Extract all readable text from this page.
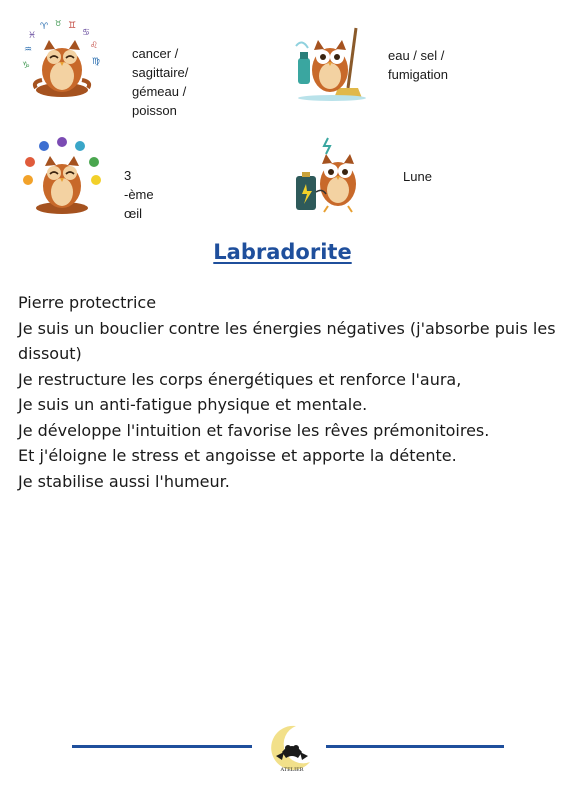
♓
♈ ♉ ♊
♋
♌
♍
♒
♑
cancer / sagittaire/
gémeau / poisson
eau / sel / fumigation
3 -ème œil
Lune
Labradorite

Pierre protectrice

Je suis un bouclier contre les énergies négatives (j'absorbe puis les dissout)

Je restructure les corps énergétiques et renforce l'aura,

Je suis un anti-fatigue physique et mentale.

Je développe l'intuition et favorise les rêves prémonitoires.

Et j'éloigne le stress et angoisse et apporte la détente.

Je stabilise aussi l'humeur.

ATELIER
